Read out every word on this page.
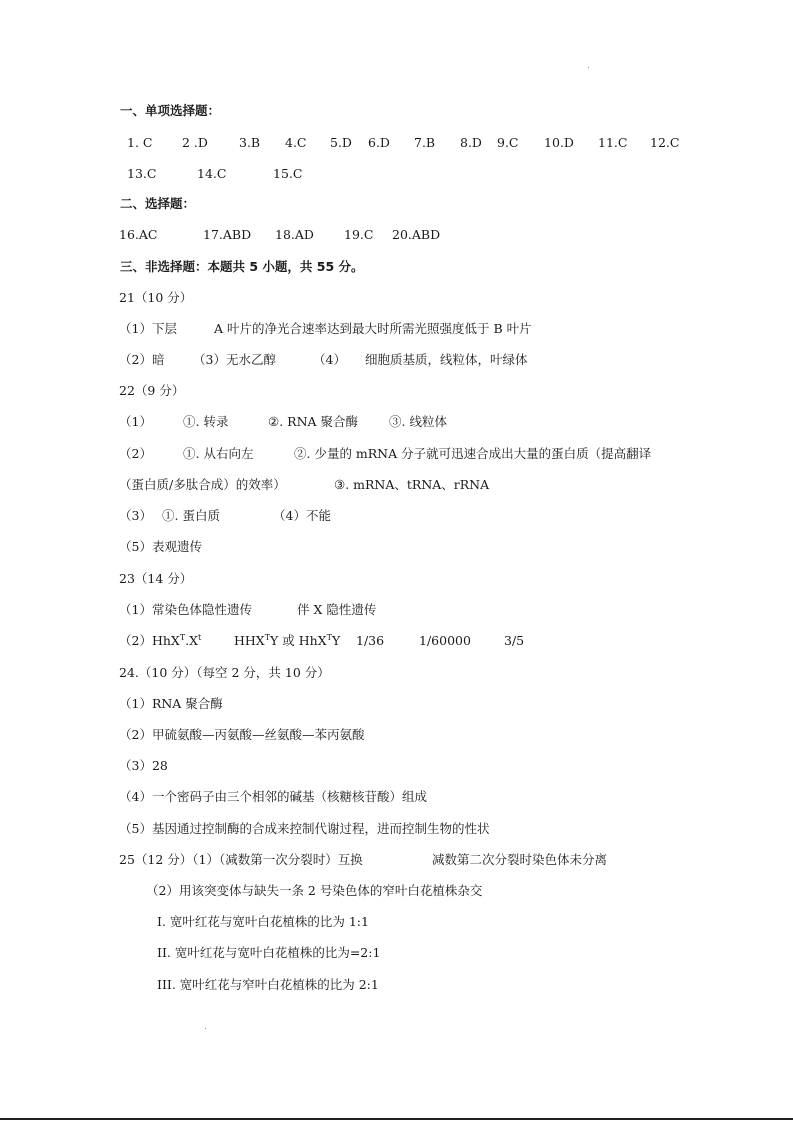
一、单项选择题：
1. C 2 .D 3.B 4.C 5.D 6.D 7.B 8.D 9.C 10.D 11.C 12.C
13.C	14.C	15.C
二、选择题：
16.AC	17.ABD 18.AD 19.C 20.ABD
三、非选择题：本题共 5 小题，共 55 分。
21（10 分）
（1）下层	A 叶片的净光合速率达到最大时所需光照强度低于 B 叶片
（2）暗 （3）无水乙醇	（4） 细胞质基质，线粒体，叶绿体
22（9 分）
（1） ①. 转录	②. RNA 聚合酶 ③. 线粒体
（2） ①. 从右向左	②. 少量的 mRNA 分子就可迅速合成出大量的蛋白质（提高翻译
（蛋白质/多肽合成）的效率）	③. mRNA、tRNA、rRNA
（3） ①. 蛋白质	（4）不能
（5）表观遗传
23（14 分）
（1）常染色体隐性遗传	伴 X 隐性遗传
$(2)HhX^T.X^t$	$HHX^TY$ 或 HhX$^T$Y 1/36	1/60000	3/5
24.（10 分）（每空 2 分，共 10 分）
（1）RNA 聚合酶
（2）甲硫氨酸—丙氨酸—丝氨酸—苯丙氨酸
（3）28
（4）一个密码子由三个相邻的碱基（核糖核苷酸）组成
（5）基因通过控制酶的合成来控制代谢过程，进而控制生物的性状
25（12 分）（1）（减数第一次分裂时）互换	减数第二次分裂时染色体未分离
（2）用该突变体与缺失一条 2 号染色体的窄叶白花植株杂交
I. 宽叶红花与宽叶白花植株的比为 1:1
II. 宽叶红花与宽叶白花植株的比为=2:1
III. 宽叶红花与窄叶白花植株的比为 2:1
